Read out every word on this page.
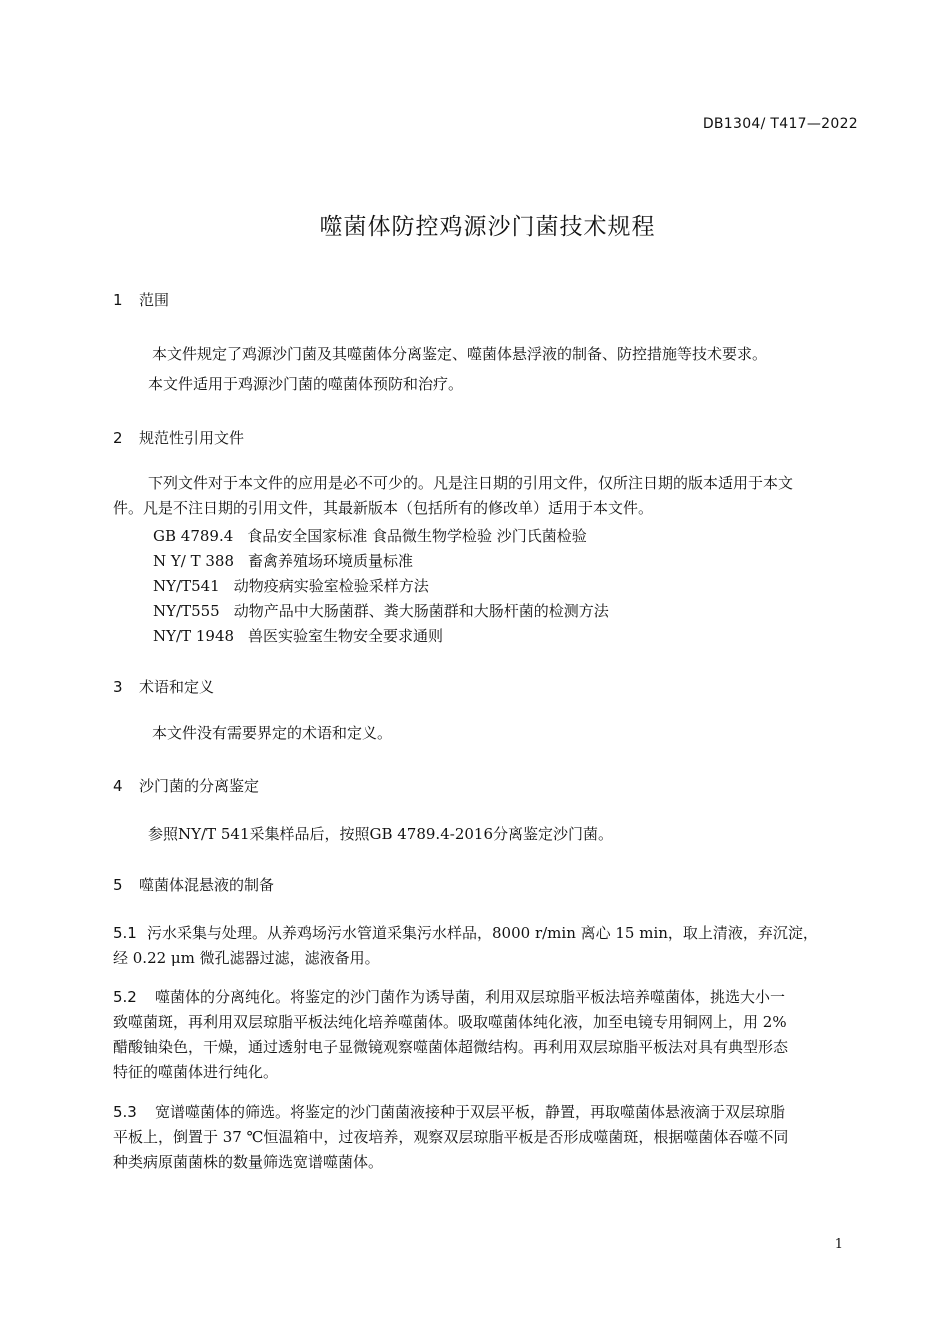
DB1304/ T417—2022
噬菌体防控鸡源沙门菌技术规程
1 范围
本文件规定了鸡源沙门菌及其噬菌体分离鉴定、噬菌体悬浮液的制备、防控措施等技术要求。
本文件适用于鸡源沙门菌的噬菌体预防和治疗。
2 规范性引用文件
下列文件对于本文件的应用是必不可少的。凡是注日期的引用文件，仅所注日期的版本适用于本文
件。凡是不注日期的引用文件，其最新版本（包括所有的修改单）适用于本文件。
GB 4789.4 食品安全国家标准 食品微生物学检验 沙门氏菌检验
N Y/ T 388 畜禽养殖场环境质量标准
NY/T541 动物疫病实验室检验采样方法
NY/T555 动物产品中大肠菌群、粪大肠菌群和大肠杆菌的检测方法
NY/T 1948 兽医实验室生物安全要求通则
3 术语和定义
本文件没有需要界定的术语和定义。
4 沙门菌的分离鉴定
参照NY/T 541采集样品后，按照GB 4789.4-2016分离鉴定沙门菌。
5 噬菌体混悬液的制备
5.1 污水采集与处理。从养鸡场污水管道采集污水样品，8000 r/min 离心 15 min，取上清液，弃沉淀，
经 0.22 μm 微孔滤器过滤，滤液备用。
5.2 噬菌体的分离纯化。将鉴定的沙门菌作为诱导菌，利用双层琼脂平板法培养噬菌体，挑选大小一
致噬菌斑，再利用双层琼脂平板法纯化培养噬菌体。吸取噬菌体纯化液，加至电镜专用铜网上，用 2%
醋酸铀染色，干燥，通过透射电子显微镜观察噬菌体超微结构。再利用双层琼脂平板法对具有典型形态
特征的噬菌体进行纯化。
5.3 宽谱噬菌体的筛选。将鉴定的沙门菌菌液接种于双层平板，静置，再取噬菌体悬液滴于双层琼脂
平板上，倒置于 37 ℃恒温箱中，过夜培养，观察双层琼脂平板是否形成噬菌斑，根据噬菌体吞噬不同
种类病原菌菌株的数量筛选宽谱噬菌体。
1
